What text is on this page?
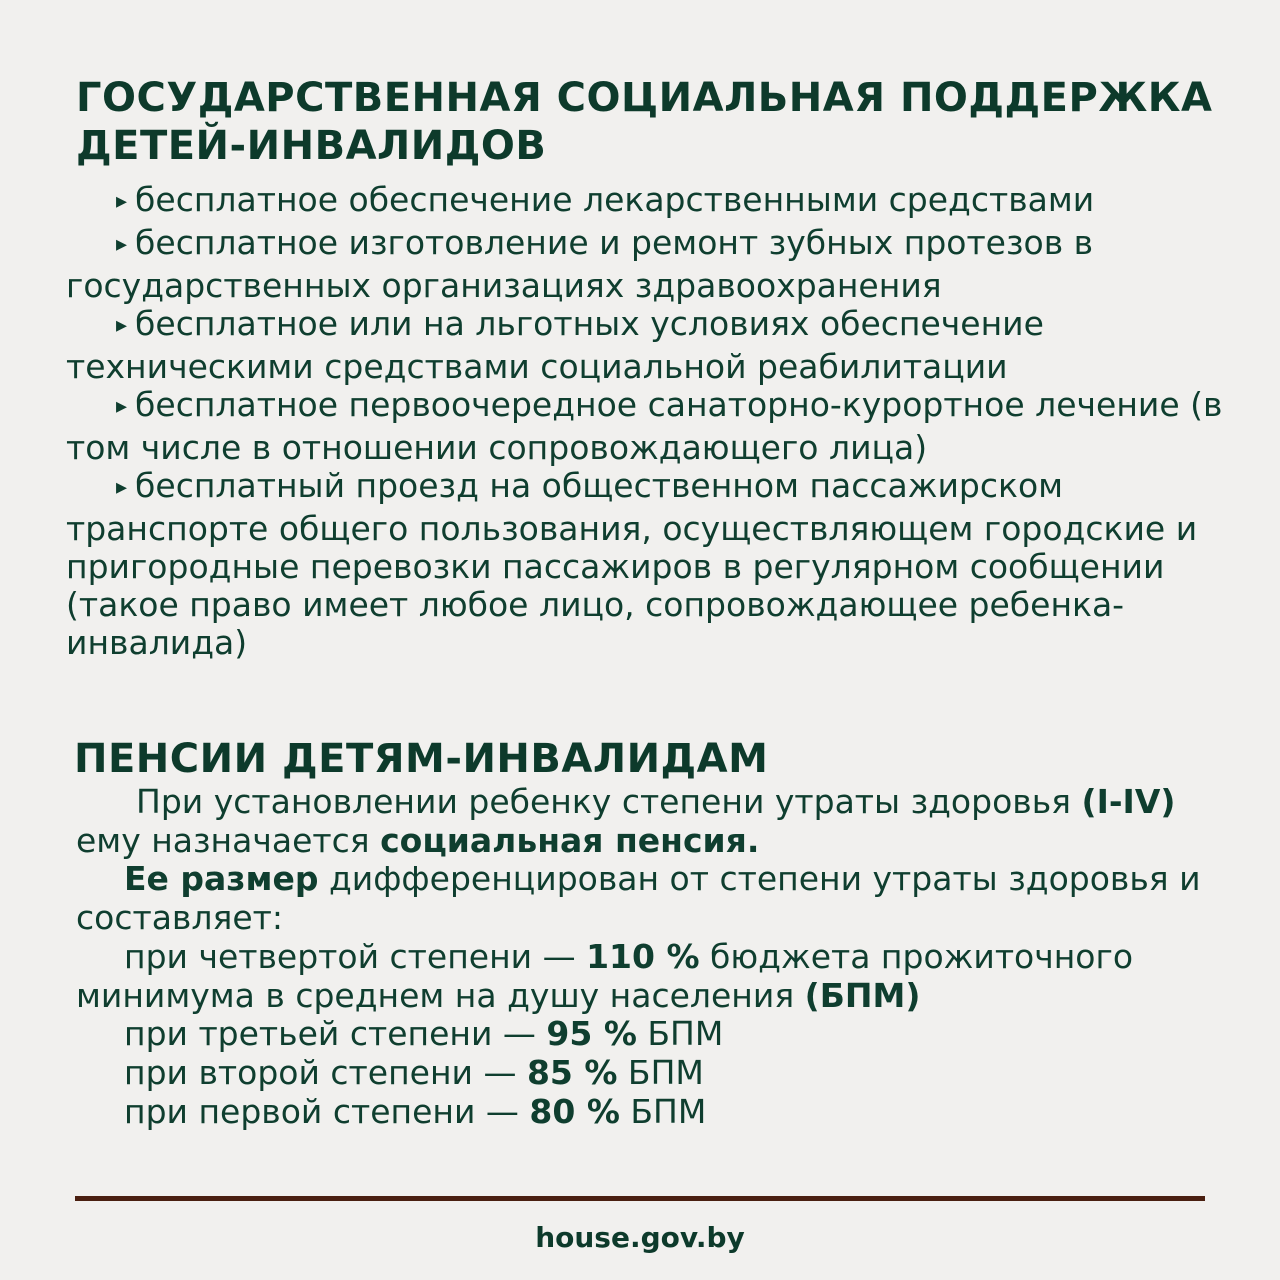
ГОСУДАРСТВЕННАЯ СОЦИАЛЬНАЯ ПОДДЕРЖКА ДЕТЕЙ-ИНВАЛИДОВ
▸ бесплатное обеспечение лекарственными средствами
▸ бесплатное изготовление и ремонт зубных протезов в государственных организациях здравоохранения
▸ бесплатное или на льготных условиях обеспечение техническими средствами социальной реабилитации
▸ бесплатное первоочередное санаторно-курортное лечение (в том числе в отношении сопровождающего лица)
▸ бесплатный проезд на общественном пассажирском транспорте общего пользования, осуществляющем городские и пригородные перевозки пассажиров в регулярном сообщении (такое право имеет любое лицо, сопровождающее ребенка-инвалида)
ПЕНСИИ ДЕТЯМ-ИНВАЛИДАМ
При установлении ребенку степени утраты здоровья (I-IV) ему назначается социальная пенсия.
Ее размер дифференцирован от степени утраты здоровья и составляет:
при четвертой степени — 110 % бюджета прожиточного минимума в среднем на душу населения (БПМ)
при третьей степени — 95 % БПМ
при второй степени — 85 % БПМ
при первой степени — 80 % БПМ
house.gov.by
